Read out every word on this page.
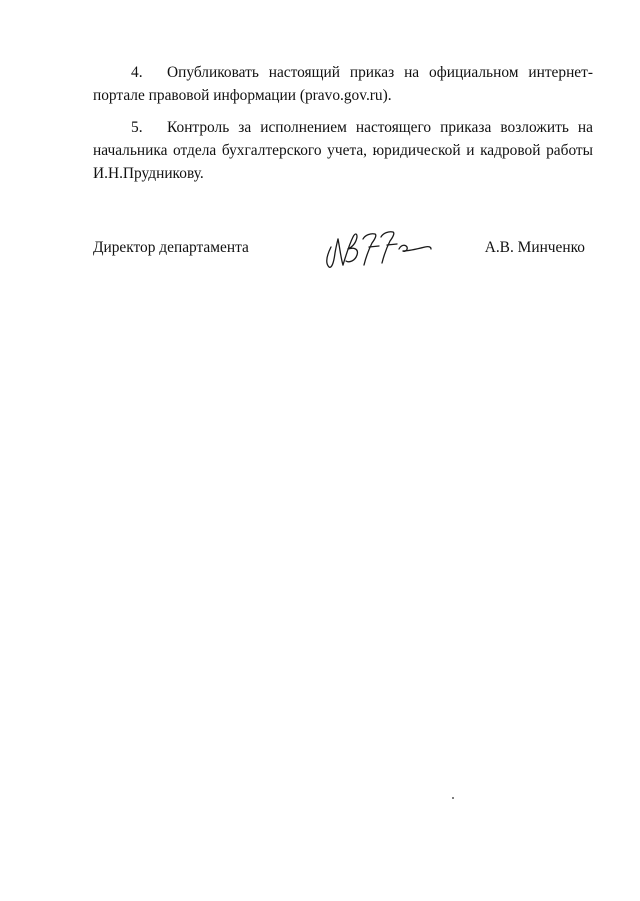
4. Опубликовать настоящий приказ на официальном интернет-портале правовой информации (pravo.gov.ru).

5. Контроль за исполнением настоящего приказа возложить на начальника отдела бухгалтерского учета, юридической и кадровой работы И.Н.Прудникову.

Директор департамента	А.В. Минченко
